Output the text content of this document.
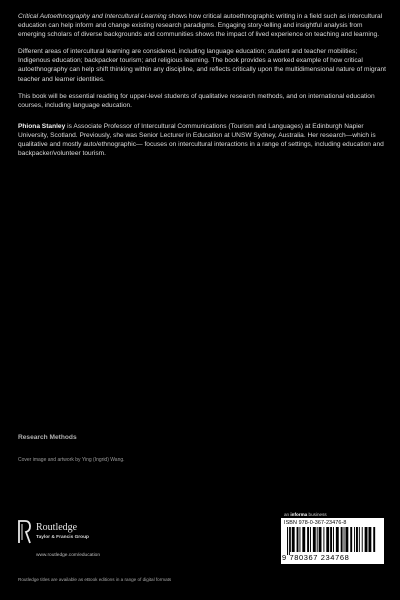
Critical Autoethnography and Intercultural Learning shows how critical autoethnographic writing in a field such as intercultural education can help inform and change existing research paradigms. Engaging story-telling and insightful analysis from emerging scholars of diverse backgrounds and communities shows the impact of lived experience on teaching and learning.

Different areas of intercultural learning are considered, including language education; student and teacher mobilities; Indigenous education; backpacker tourism; and religious learning. The book provides a worked example of how critical autoethnography can help shift thinking within any discipline, and reflects critically upon the multidimensional nature of migrant teacher and learner identities.

This book will be essential reading for upper-level students of qualitative research methods, and on international education courses, including language education.

Phiona Stanley is Associate Professor of Intercultural Communications (Tourism and Languages) at Edinburgh Napier University, Scotland. Previously, she was Senior Lecturer in Education at UNSW Sydney, Australia. Her research—which is qualitative and mostly auto/ethnographic— focuses on intercultural interactions in a range of settings, including education and backpacker/volunteer tourism.

Research Methods
Cover image and artwork by Ying (Ingrid) Wang.
Routledge
Taylor & Francis Group
www.routledge.com/education
an informa business
ISBN 978-0-367-23476-8
9 780367 234768
Routledge titles are available as eBook editions in a range of digital formats
